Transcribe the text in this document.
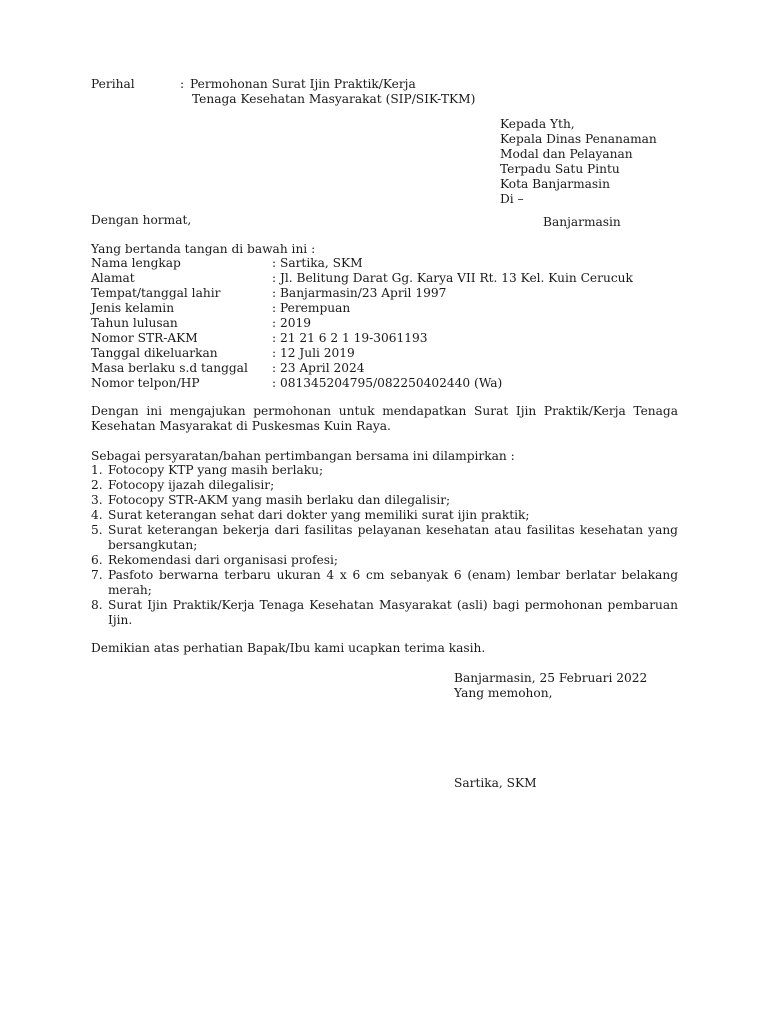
Perihal	: Permohonan Surat Ijin Praktik/Kerja
Tenaga Kesehatan Masyarakat (SIP/SIK-TKM)
Kepada Yth,
Kepala Dinas Penanaman
Modal dan Pelayanan
Terpadu Satu Pintu
Kota Banjarmasin
Di –
Banjarmasin
Dengan hormat,
Yang bertanda tangan di bawah ini :
Nama lengkap	: Sartika, SKM
Alamat	: Jl. Belitung Darat Gg. Karya VII Rt. 13 Kel. Kuin Cerucuk
Tempat/tanggal lahir	: Banjarmasin/23 April 1997
Jenis kelamin	: Perempuan
Tahun lulusan	: 2019
Nomor STR-AKM	: 21 21 6 2 1 19-3061193
Tanggal dikeluarkan	: 12 Juli 2019
Masa berlaku s.d tanggal	: 23 April 2024
Nomor telpon/HP	: 081345204795/082250402440 (Wa)
Dengan ini mengajukan permohonan untuk mendapatkan Surat Ijin Praktik/Kerja Tenaga Kesehatan Masyarakat di Puskesmas Kuin Raya.
Sebagai persyaratan/bahan pertimbangan bersama ini dilampirkan :
1. Fotocopy KTP yang masih berlaku;
2. Fotocopy ijazah dilegalisir;
3. Fotocopy STR-AKM yang masih berlaku dan dilegalisir;
4. Surat keterangan sehat dari dokter yang memiliki surat ijin praktik;
5. Surat keterangan bekerja dari fasilitas pelayanan kesehatan atau fasilitas kesehatan yang bersangkutan;
6. Rekomendasi dari organisasi profesi;
7. Pasfoto berwarna terbaru ukuran 4 x 6 cm sebanyak 6 (enam) lembar berlatar belakang merah;
8. Surat Ijin Praktik/Kerja Tenaga Kesehatan Masyarakat (asli) bagi permohonan pembaruan Ijin.
Demikian atas perhatian Bapak/Ibu kami ucapkan terima kasih.
Banjarmasin, 25 Februari 2022
Yang memohon,
Sartika, SKM
